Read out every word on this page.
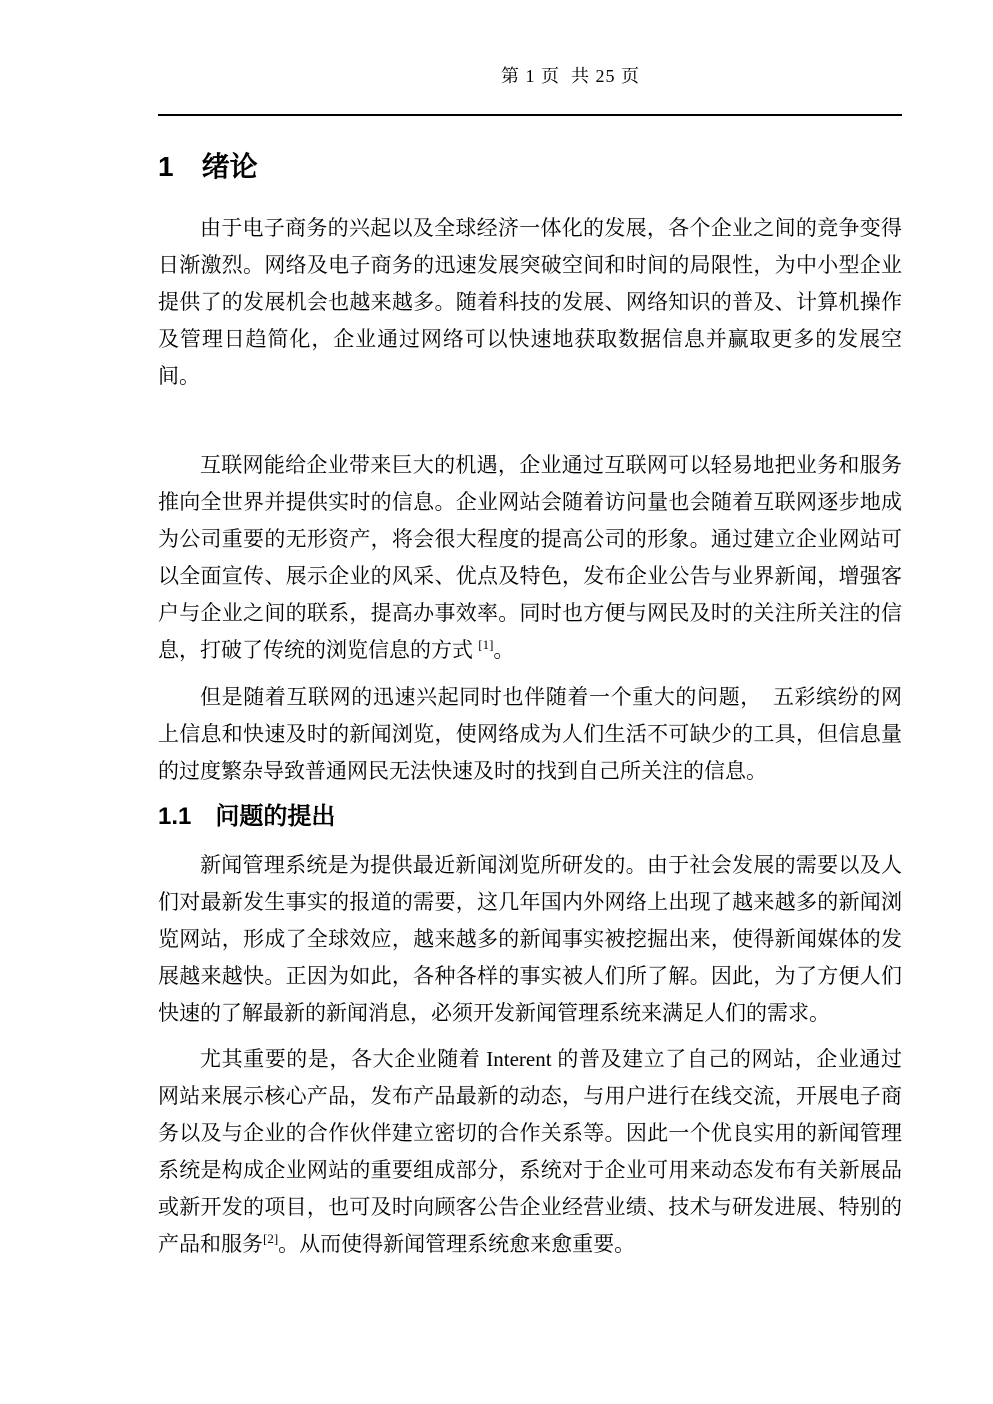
第 1 页  共 25 页
1　绪论

由于电子商务的兴起以及全球经济一体化的发展，各个企业之间的竞争变得日渐激烈。网络及电子商务的迅速发展突破空间和时间的局限性，为中小型企业提供了的发展机会也越来越多。随着科技的发展、网络知识的普及、计算机操作及管理日趋简化，企业通过网络可以快速地获取数据信息并赢取更多的发展空间。

互联网能给企业带来巨大的机遇，企业通过互联网可以轻易地把业务和服务推向全世界并提供实时的信息。企业网站会随着访问量也会随着互联网逐步地成为公司重要的无形资产，将会很大程度的提高公司的形象。通过建立企业网站可以全面宣传、展示企业的风采、优点及特色，发布企业公告与业界新闻，增强客户与企业之间的联系，提高办事效率。同时也方便与网民及时的关注所关注的信息，打破了传统的浏览信息的方式 [1]。

但是随着互联网的迅速兴起同时也伴随着一个重大的问题，　五彩缤纷的网上信息和快速及时的新闻浏览，使网络成为人们生活不可缺少的工具，但信息量的过度繁杂导致普通网民无法快速及时的找到自己所关注的信息。

1.1　问题的提出

新闻管理系统是为提供最近新闻浏览所研发的。由于社会发展的需要以及人们对最新发生事实的报道的需要，这几年国内外网络上出现了越来越多的新闻浏览网站，形成了全球效应，越来越多的新闻事实被挖掘出来，使得新闻媒体的发展越来越快。正因为如此，各种各样的事实被人们所了解。因此，为了方便人们快速的了解最新的新闻消息，必须开发新闻管理系统来满足人们的需求。

尤其重要的是，各大企业随着 Interent 的普及建立了自己的网站，企业通过网站来展示核心产品，发布产品最新的动态，与用户进行在线交流，开展电子商务以及与企业的合作伙伴建立密切的合作关系等。因此一个优良实用的新闻管理系统是构成企业网站的重要组成部分，系统对于企业可用来动态发布有关新展品或新开发的项目，也可及时向顾客公告企业经营业绩、技术与研发进展、特别的产品和服务[2]。从而使得新闻管理系统愈来愈重要。
